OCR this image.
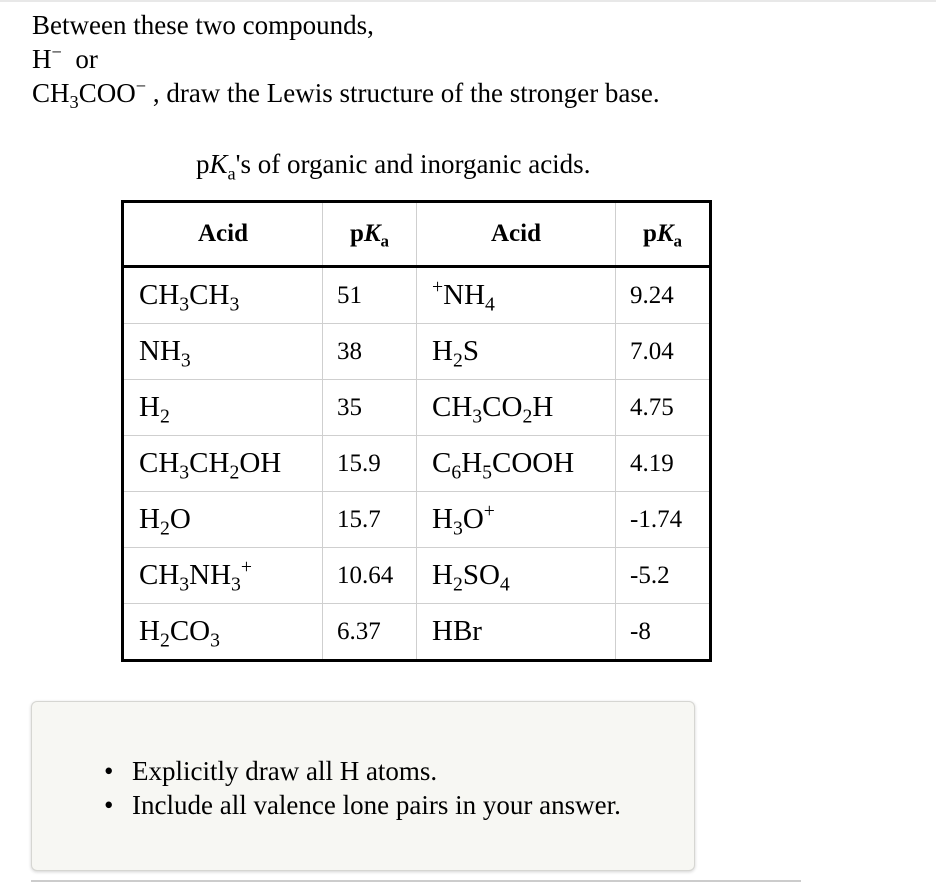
Between these two compounds,
H− or
$CH_3COO^-$ , draw the Lewis structure of the stronger base.
$pK_a's$ of organic and inorganic acids.
Acid	$pK_a$	Acid	$pK_a$
$CH_3CH_3$	51	$^+NH_4$	9.24
$NH_3$	38	$H_2S$	7.04
$H_2$	35	$CH_3CO_2H$	4.75
$CH_3CH_2OH$	15.9	$C_6H_5COOH$	4.19
$H_2O$	15.7	$H_3O^+$	-1.74
$CH_3NH_3^+$	10.64	$H_2SO_4$	-5.2
$H_2CO_3$	6.37	HBr	-8
• Explicitly draw all H atoms.
• Include all valence lone pairs in your answer.
